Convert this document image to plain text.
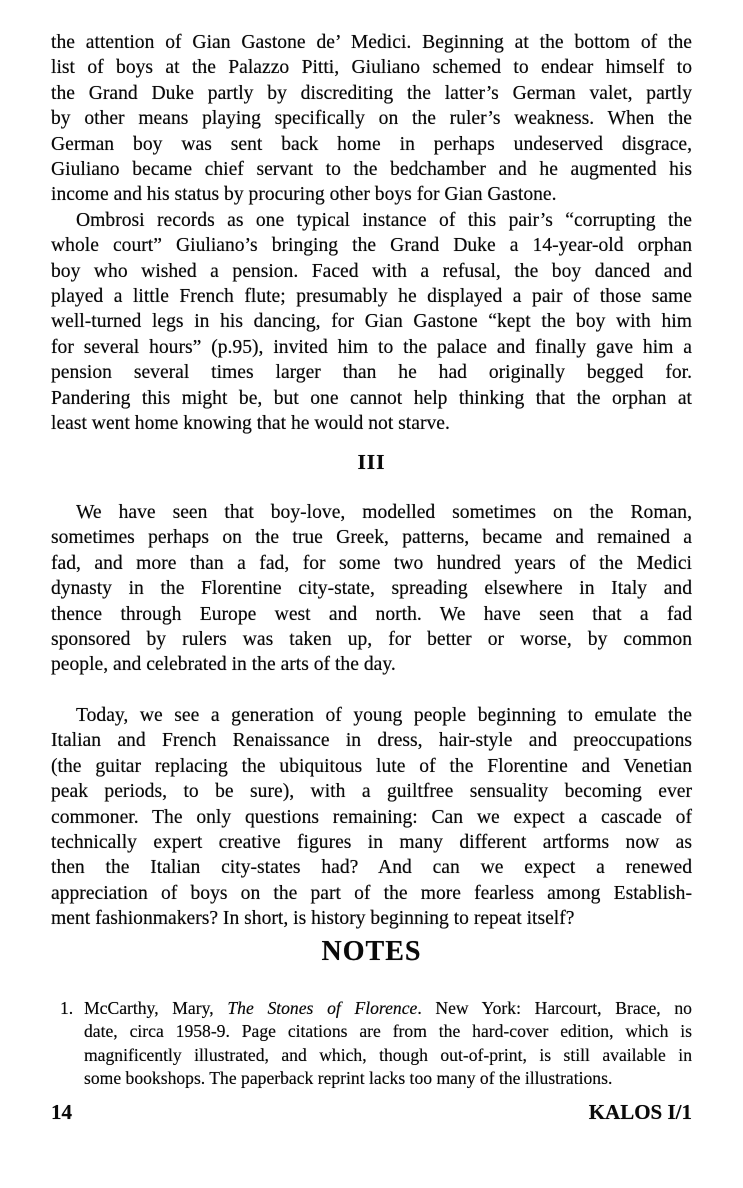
the attention of Gian Gastone de’ Medici. Beginning at the bottom of the
list of boys at the Palazzo Pitti, Giuliano schemed to endear himself to
the Grand Duke partly by discrediting the latter’s German valet, partly
by other means playing specifically on the ruler’s weakness. When the
German boy was sent back home in perhaps undeserved disgrace,
Giuliano became chief servant to the bedchamber and he augmented his
income and his status by procuring other boys for Gian Gastone.
Ombrosi records as one typical instance of this pair’s “corrupting the
whole court” Giuliano’s bringing the Grand Duke a 14-year-old orphan
boy who wished a pension. Faced with a refusal, the boy danced and
played a little French flute; presumably he displayed a pair of those same
well-turned legs in his dancing, for Gian Gastone “kept the boy with him
for several hours” (p.95), invited him to the palace and finally gave him a
pension several times larger than he had originally begged for.
Pandering this might be, but one cannot help thinking that the orphan at
least went home knowing that he would not starve.
III
We have seen that boy-love, modelled sometimes on the Roman,
sometimes perhaps on the true Greek, patterns, became and remained a
fad, and more than a fad, for some two hundred years of the Medici
dynasty in the Florentine city-state, spreading elsewhere in Italy and
thence through Europe west and north. We have seen that a fad
sponsored by rulers was taken up, for better or worse, by common
people, and celebrated in the arts of the day.
Today, we see a generation of young people beginning to emulate the
Italian and French Renaissance in dress, hair-style and preoccupations
(the guitar replacing the ubiquitous lute of the Florentine and Venetian
peak periods, to be sure), with a guiltfree sensuality becoming ever
commoner. The only questions remaining: Can we expect a cascade of
technically expert creative figures in many different artforms now as
then the Italian city-states had? And can we expect a renewed
appreciation of boys on the part of the more fearless among Establish-
ment fashionmakers? In short, is history beginning to repeat itself?
NOTES
1. McCarthy, Mary, The Stones of Florence. New York: Harcourt, Brace, no
date, circa 1958-9. Page citations are from the hard-cover edition, which is
magnificently illustrated, and which, though out-of-print, is still available in
some bookshops. The paperback reprint lacks too many of the illustrations.
14	KALOS I/1
